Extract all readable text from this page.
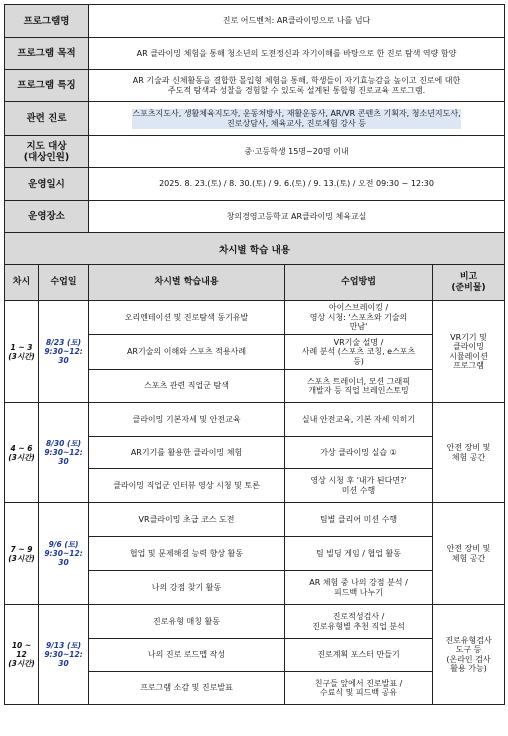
프로그램명		진로 어드벤처: AR클라이밍으로 나를 넘다		

프로그램 목적		AR 클라이밍 체험을 통해 청소년의 도전정신과 자기이해를 바탕으로 한 진로 탐색 역량 함양		

프로그램 특징		AR 기술과 신체활동을 결합한 몰입형 체험을 통해, 학생들이 자기효능감을 높이고 진로에 대한
주도적 탐색과 성찰을 경험할 수 있도록 설계된 통합형 진로교육 프로그램.		

관련 진로		스포츠지도사, 생활체육지도자, 운동처방사, 재활운동사, AR/VR 콘텐츠 기획자, 청소년지도사,
진로상담사, 체육교사, 진로체험 강사 등		

지도 대상
(대상인원)		중·고등학생 15명~20명 이내		

운영일시		2025. 8. 23.(토) / 8. 30.(토) / 9. 6.(토) / 9. 13.(토) / 오전 09:30 ~ 12:30		

운영장소		창의경영고등학교 AR클라이밍 체육교실		

차시별 학습 내용				
차시	수업일	차시별 학습내용	수업방법	비고
(준비물)

1 ~ 3
(3시간)	8/23 (토)
9:30~12:
30	오리엔테이션 및 진로탐색 동기유발	아이스브레이킹 /
영상 시청: '스포츠와 기술의
만남'	VR기기 및
클라이밍
시뮬레이션
프로그램

		AR기술의 이해와 스포츠 적용사례	VR기술 설명 /
사례 분석 (스포츠 코칭, e스포츠
등)	

		스포츠 관련 직업군 탐색	스포츠 트레이너, 모션 그래픽
개발자 등 직업 브레인스토밍	

4 ~ 6
(3시간)	8/30 (토)
9:30~12:
30	클라이밍 기본자세 및 안전교육	실내 안전교육, 기본 자세 익히기	안전 장비 및
체험 공간

		AR기기를 활용한 클라이밍 체험	가상 클라이밍 실습 ①	

		클라이밍 직업군 인터뷰 영상 시청 및 토론	영상 시청 후 '내가 된다면?'
미션 수행	

7 ~ 9
(3시간)	9/6 (토)
9:30~12:
30	VR클라이밍 초급 코스 도전	팀별 클리어 미션 수행	안전 장비 및
체험 공간

		협업 및 문제해결 능력 향상 활동	팀 빌딩 게임 / 협업 활동	

		나의 강점 찾기 활동	AR 체험 중 나의 강점 분석 /
피드백 나누기	

10 ~
12
(3시간)	9/13 (토)
9:30~12:
30	진로유형 매칭 활동	진로적성검사 /
진로유형별 추천 직업 분석	진로유형검사
도구 등
(온라인 검사
활용 가능)

		나의 진로 로드맵 작성	진로계획 포스터 만들기	

		프로그램 소감 및 진로발표	친구들 앞에서 진로발표 /
수료식 및 피드백 공유	
